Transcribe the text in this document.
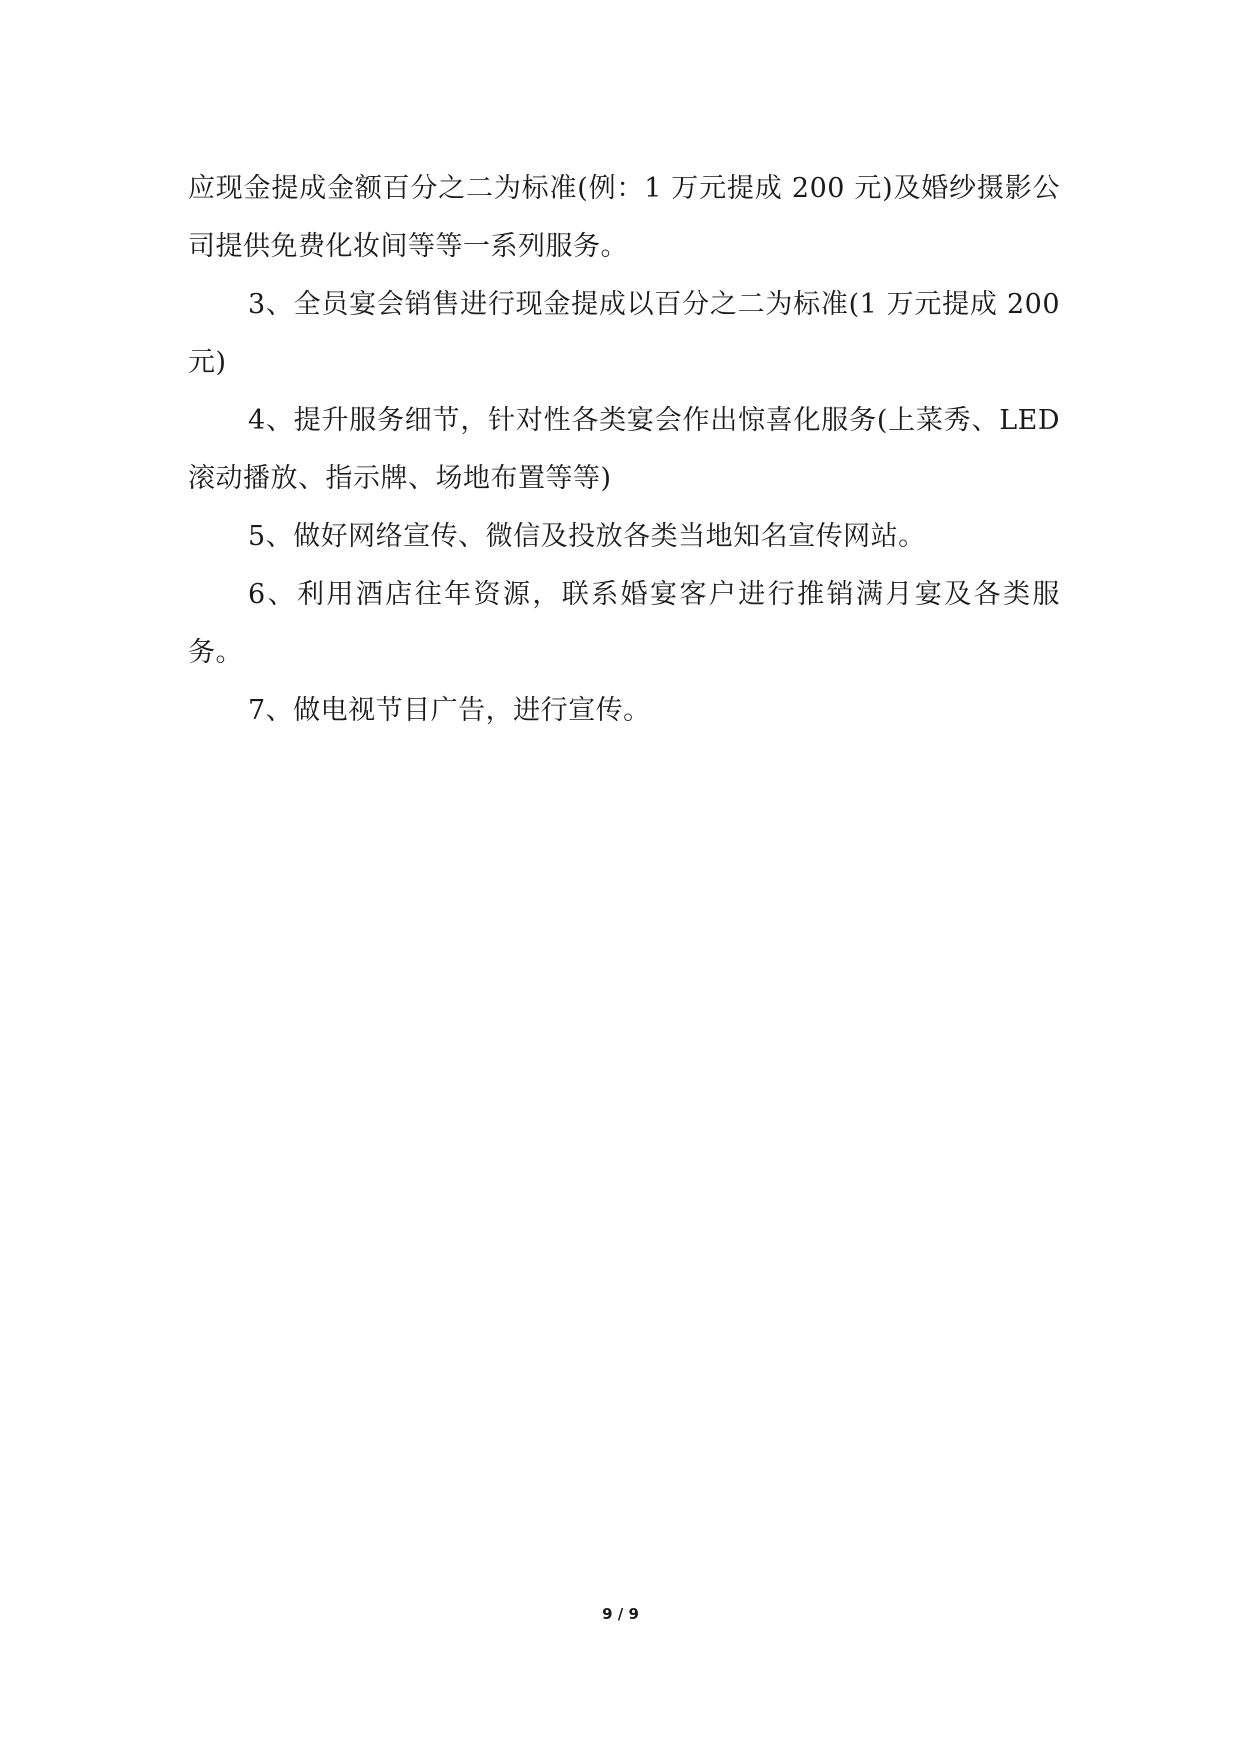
应现金提成金额百分之二为标准(例：1 万元提成 200 元)及婚纱摄影公司提供免费化妆间等等一系列服务。

3、全员宴会销售进行现金提成以百分之二为标准(1 万元提成 200 元)

4、提升服务细节，针对性各类宴会作出惊喜化服务(上菜秀、LED 滚动播放、指示牌、场地布置等等)

5、做好网络宣传、微信及投放各类当地知名宣传网站。

6、利用酒店往年资源，联系婚宴客户进行推销满月宴及各类服务。

7、做电视节目广告，进行宣传。

9 / 9
